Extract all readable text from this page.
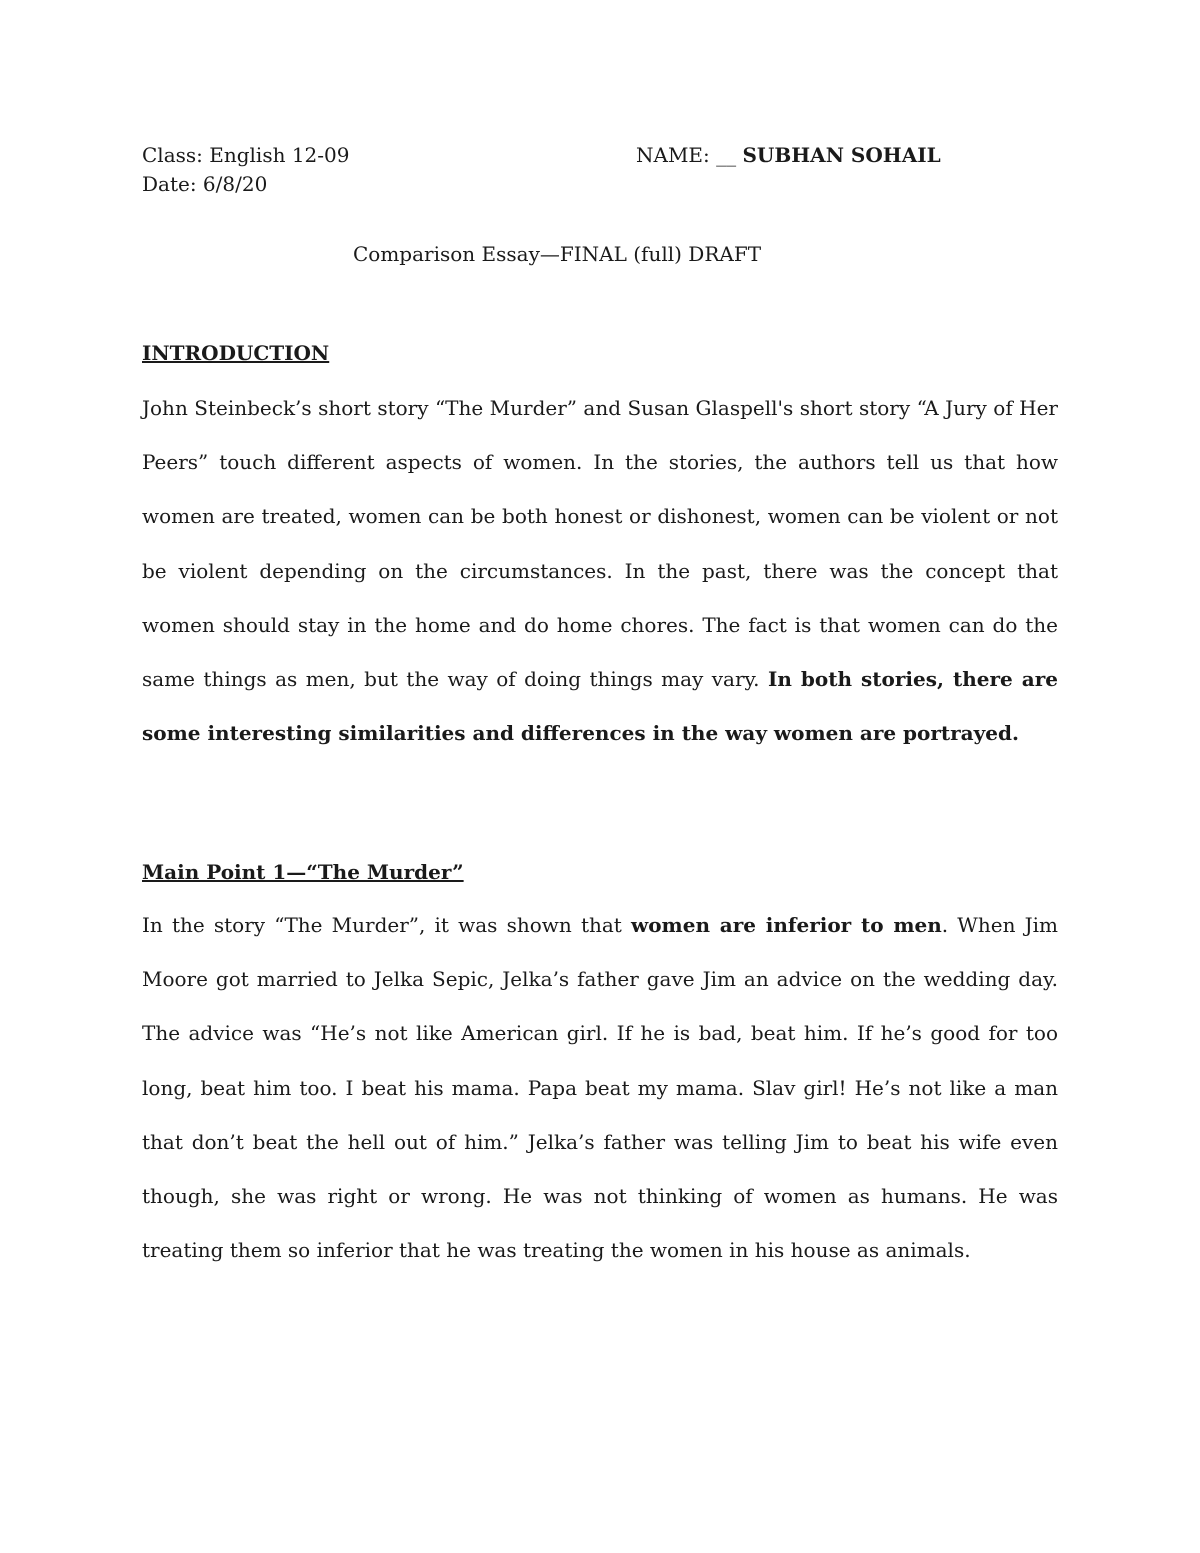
Class: English 12-09
Date: 6/8/20
NAME: __ SUBHAN SOHAIL
Comparison Essay—FINAL (full) DRAFT
INTRODUCTION

John Steinbeck’s short story “The Murder” and Susan Glaspell's short story “A Jury of Her Peers” touch different aspects of women. In the stories, the authors tell us that how women are treated, women can be both honest or dishonest, women can be violent or not be violent depending on the circumstances. In the past, there was the concept that women should stay in the home and do home chores. The fact is that women can do the same things as men, but the way of doing things may vary. In both stories, there are some interesting similarities and differences in the way women are portrayed.

Main Point 1—“The Murder”

In the story “The Murder”, it was shown that women are inferior to men. When Jim Moore got married to Jelka Sepic, Jelka’s father gave Jim an advice on the wedding day. The advice was “He’s not like American girl. If he is bad, beat him. If he’s good for too long, beat him too. I beat his mama. Papa beat my mama. Slav girl! He’s not like a man that don’t beat the hell out of him.” Jelka’s father was telling Jim to beat his wife even though, she was right or wrong. He was not thinking of women as humans. He was treating them so inferior that he was treating the women in his house as animals.
